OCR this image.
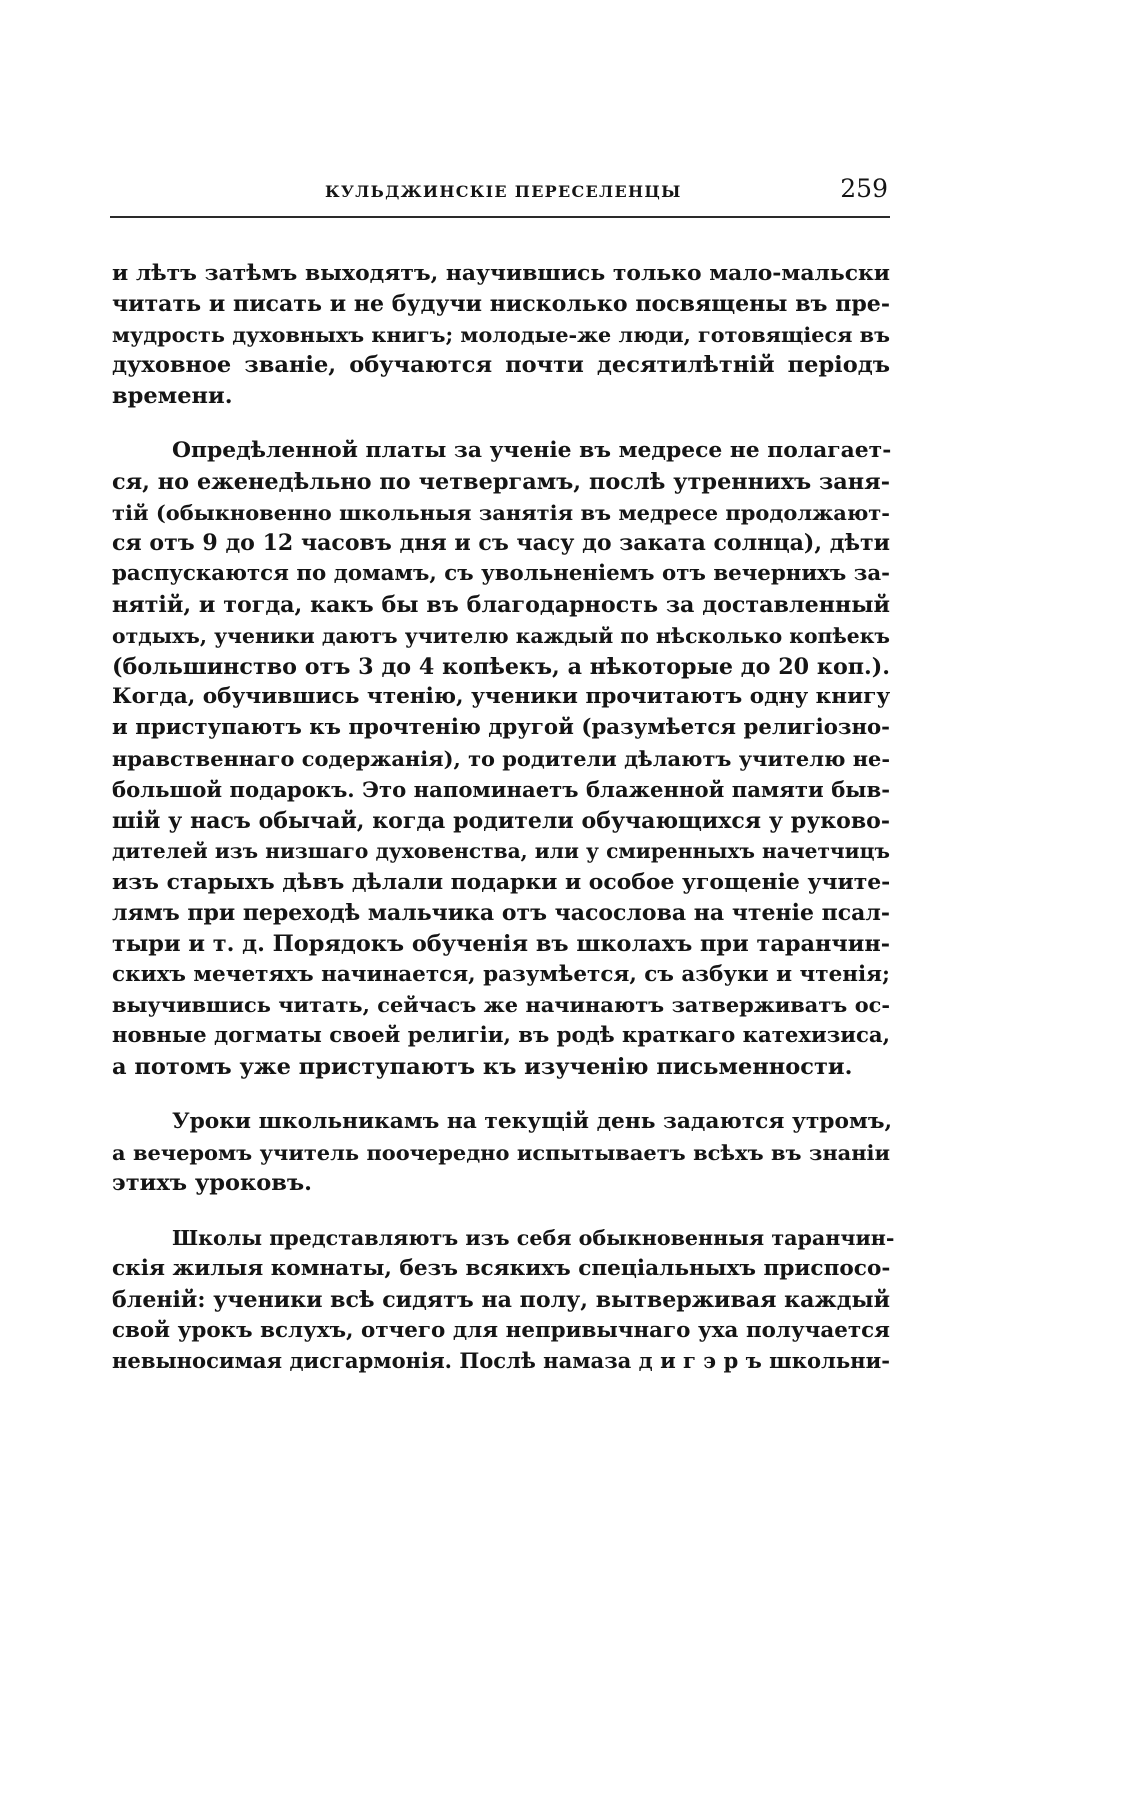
КУЛЬДЖИНСКІЕ ПЕРЕСЕЛЕНЦЫ	259

и лѣтъ затѣмъ выходятъ, научившись только мало-мальски
читать и писать и не будучи нисколько посвящены въ пре-
мудрость духовныхъ книгъ; молодые-же люди, готовящіеся въ
духовное званіе, обучаются почти десятилѣтній періодъ
времени.

Опредѣленной платы за ученіе въ медресе не полагает-
ся, но еженедѣльно по четвергамъ, послѣ утреннихъ заня-
тій (обыкновенно школьныя занятія въ медресе продолжают-
ся отъ 9 до 12 часовъ дня и съ часу до заката солнца), дѣти
распускаются по домамъ, съ увольненіемъ отъ вечернихъ за-
нятій, и тогда, какъ бы въ благодарность за доставленный
отдыхъ, ученики даютъ учителю каждый по нѣсколько копѣекъ
(большинство отъ 3 до 4 копѣекъ, а нѣкоторые до 20 коп.).
Когда, обучившись чтенію, ученики прочитаютъ одну книгу
и приступаютъ къ прочтенію другой (разумѣется религіозно-
нравственнаго содержанія), то родители дѣлаютъ учителю не-
большой подарокъ. Это напоминаетъ блаженной памяти быв-
шій у насъ обычай, когда родители обучающихся у руково-
дителей изъ низшаго духовенства, или у смиренныхъ начетчицъ
изъ старыхъ дѣвъ дѣлали подарки и особое угощеніе учите-
лямъ при переходѣ мальчика отъ часослова на чтеніе псал-
тыри и т. д. Порядокъ обученія въ школахъ при таранчин-
скихъ мечетяхъ начинается, разумѣется, съ азбуки и чтенія;
выучившись читать, сейчасъ же начинаютъ затверживатъ ос-
новные догматы своей религіи, въ родѣ краткаго катехизиса,
а потомъ уже приступаютъ къ изученію письменности.

Уроки школьникамъ на текущій день задаются утромъ,
а вечеромъ учитель поочередно испытываетъ всѣхъ въ знаніи
этихъ уроковъ.

Школы представляютъ изъ себя обыкновенныя таранчин-
скія жилыя комнаты, безъ всякихъ спеціальныхъ приспосо-
бленій: ученики всѣ сидятъ на полу, вытверживая каждый
свой урокъ вслухъ, отчего для непривычнаго уха получается
невыносимая дисгармонія. Послѣ намаза д и г э р ъ школьни-
